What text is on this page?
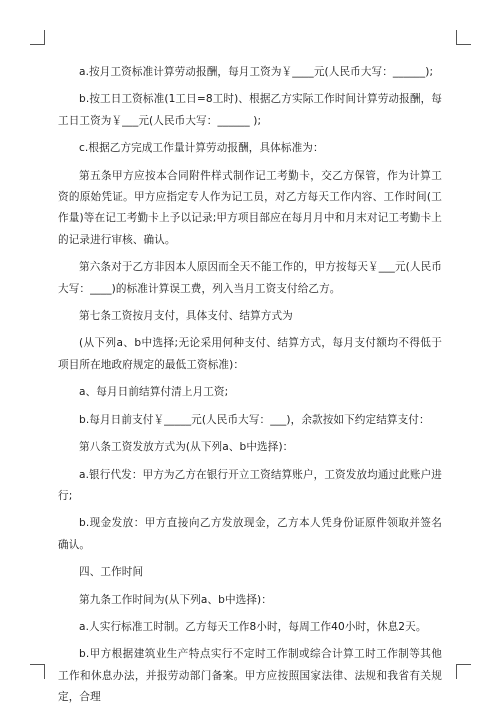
a.按月工资标准计算劳动报酬，每月工资为￥____元(人民币大写：______);

b.按工日工资标准(1工日=8工时)、根据乙方实际工作时间计算劳动报酬，每工日工资为￥___元(人民币大写：______ );

c.根据乙方完成工作量计算劳动报酬，具体标准为：

第五条甲方应按本合同附件样式制作记工考勤卡，交乙方保管，作为计算工资的原始凭证。甲方应指定专人作为记工员，对乙方每天工作内容、工作时间(工作量)等在记工考勤卡上予以记录;甲方项目部应在每月月中和月末对记工考勤卡上的记录进行审核、确认。

第六条对于乙方非因本人原因而全天不能工作的，甲方按每天￥___元(人民币大写：____)的标准计算误工费，列入当月工资支付给乙方。

第七条工资按月支付，具体支付、结算方式为

(从下列a、b中选择;无论采用何种支付、结算方式，每月支付额均不得低于项目所在地政府规定的最低工资标准)：

a、每月日前结算付清上月工资;

b.每月日前支付￥_____元(人民币大写：___)，余款按如下约定结算支付：

第八条工资发放方式为(从下列a、b中选择)：

a.银行代发：甲方为乙方在银行开立工资结算账户，工资发放均通过此账户进行;

b.现金发放：甲方直接向乙方发放现金，乙方本人凭身份证原件领取并签名确认。

四、工作时间

第九条工作时间为(从下列a、b中选择)：

a.人实行标准工时制。乙方每天工作8小时，每周工作40小时，休息2天。

b.甲方根据建筑业生产特点实行不定时工作制或综合计算工时工作制等其他工作和休息办法，并报劳动部门备案。甲方应按照国家法律、法规和我省有关规定，合理
